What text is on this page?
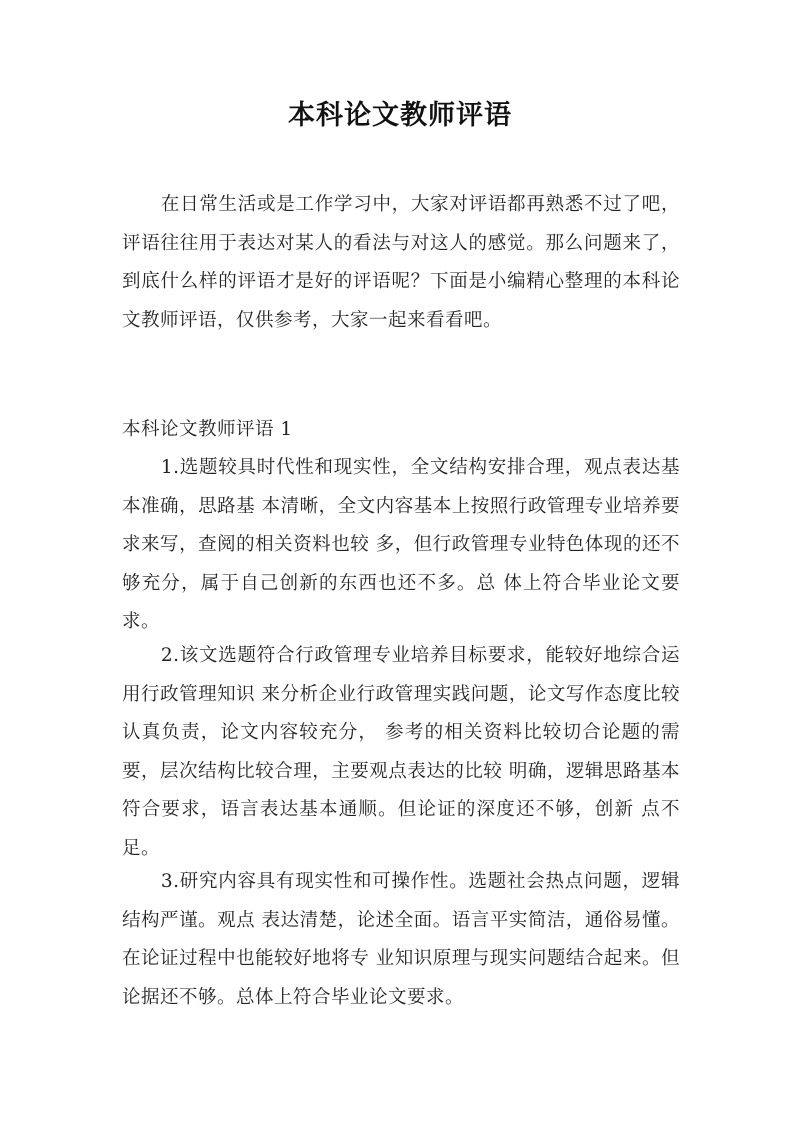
本科论文教师评语

在日常生活或是工作学习中，大家对评语都再熟悉不过了吧，评语往往用于表达对某人的看法与对这人的感觉。那么问题来了，到底什么样的评语才是好的评语呢？下面是小编精心整理的本科论文教师评语，仅供参考，大家一起来看看吧。

本科论文教师评语 1

1.选题较具时代性和现实性，全文结构安排合理，观点表达基本准确，思路基 本清晰，全文内容基本上按照行政管理专业培养要求来写，查阅的相关资料也较 多，但行政管理专业特色体现的还不够充分，属于自己创新的东西也还不多。总 体上符合毕业论文要求。

2.该文选题符合行政管理专业培养目标要求，能较好地综合运用行政管理知识 来分析企业行政管理实践问题，论文写作态度比较认真负责，论文内容较充分， 参考的相关资料比较切合论题的需要，层次结构比较合理，主要观点表达的比较 明确，逻辑思路基本符合要求，语言表达基本通顺。但论证的深度还不够，创新 点不足。

3.研究内容具有现实性和可操作性。选题社会热点问题，逻辑结构严谨。观点 表达清楚，论述全面。语言平实简洁，通俗易懂。在论证过程中也能较好地将专 业知识原理与现实问题结合起来。但论据还不够。总体上符合毕业论文要求。
